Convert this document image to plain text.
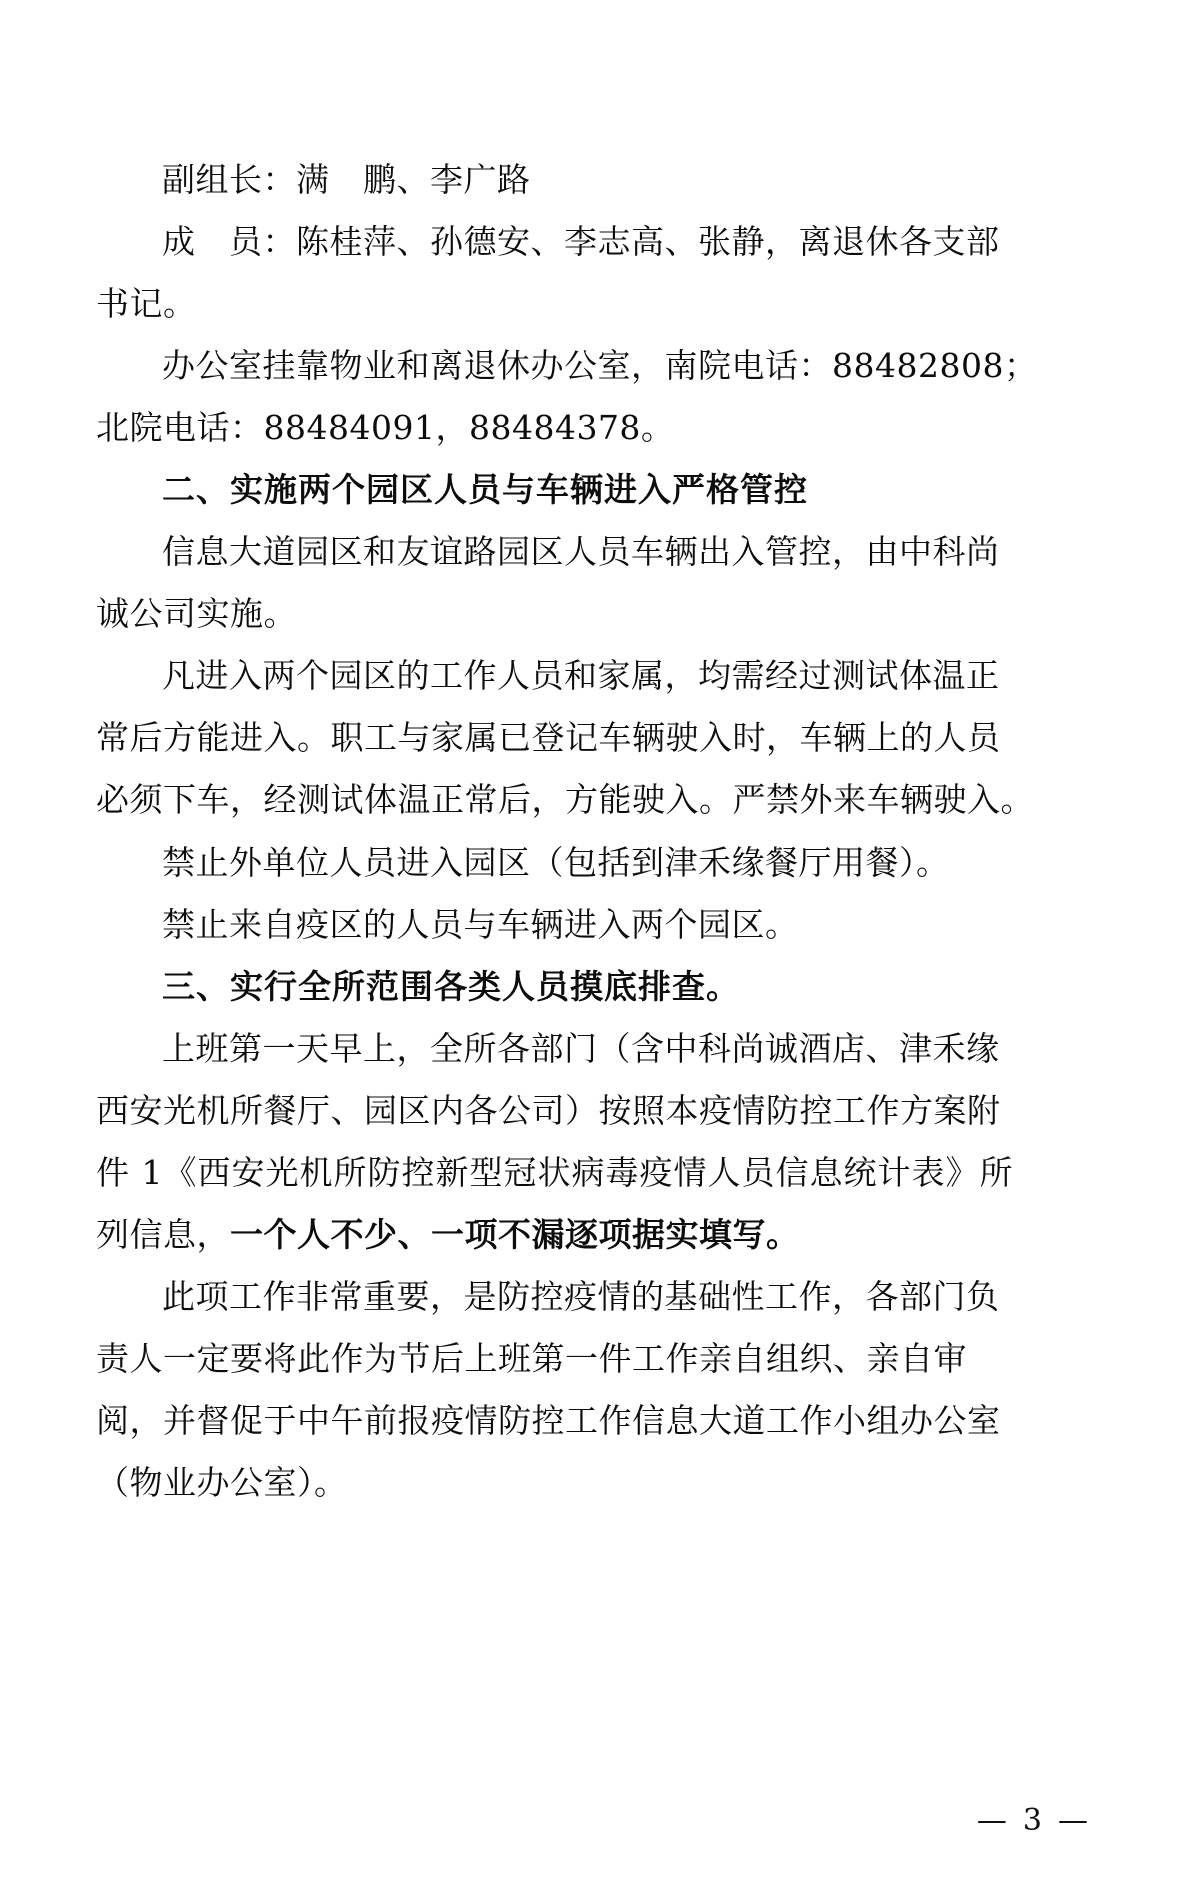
副组长：满　鹏、李广路

成　员：陈桂萍、孙德安、李志高、张静，离退休各支部

书记。

办公室挂靠物业和离退休办公室，南院电话：88482808；

北院电话：88484091，88484378。

二、实施两个园区人员与车辆进入严格管控

信息大道园区和友谊路园区人员车辆出入管控，由中科尚

诚公司实施。

凡进入两个园区的工作人员和家属，均需经过测试体温正

常后方能进入。职工与家属已登记车辆驶入时，车辆上的人员

必须下车，经测试体温正常后，方能驶入。严禁外来车辆驶入。

禁止外单位人员进入园区（包括到津禾缘餐厅用餐）。

禁止来自疫区的人员与车辆进入两个园区。

三、实行全所范围各类人员摸底排查。

上班第一天早上，全所各部门（含中科尚诚酒店、津禾缘

西安光机所餐厅、园区内各公司）按照本疫情防控工作方案附

件 1《西安光机所防控新型冠状病毒疫情人员信息统计表》所

列信息，一个人不少、一项不漏逐项据实填写。

此项工作非常重要，是防控疫情的基础性工作，各部门负

责人一定要将此作为节后上班第一件工作亲自组织、亲自审

阅，并督促于中午前报疫情防控工作信息大道工作小组办公室

（物业办公室）。

— 3 —
